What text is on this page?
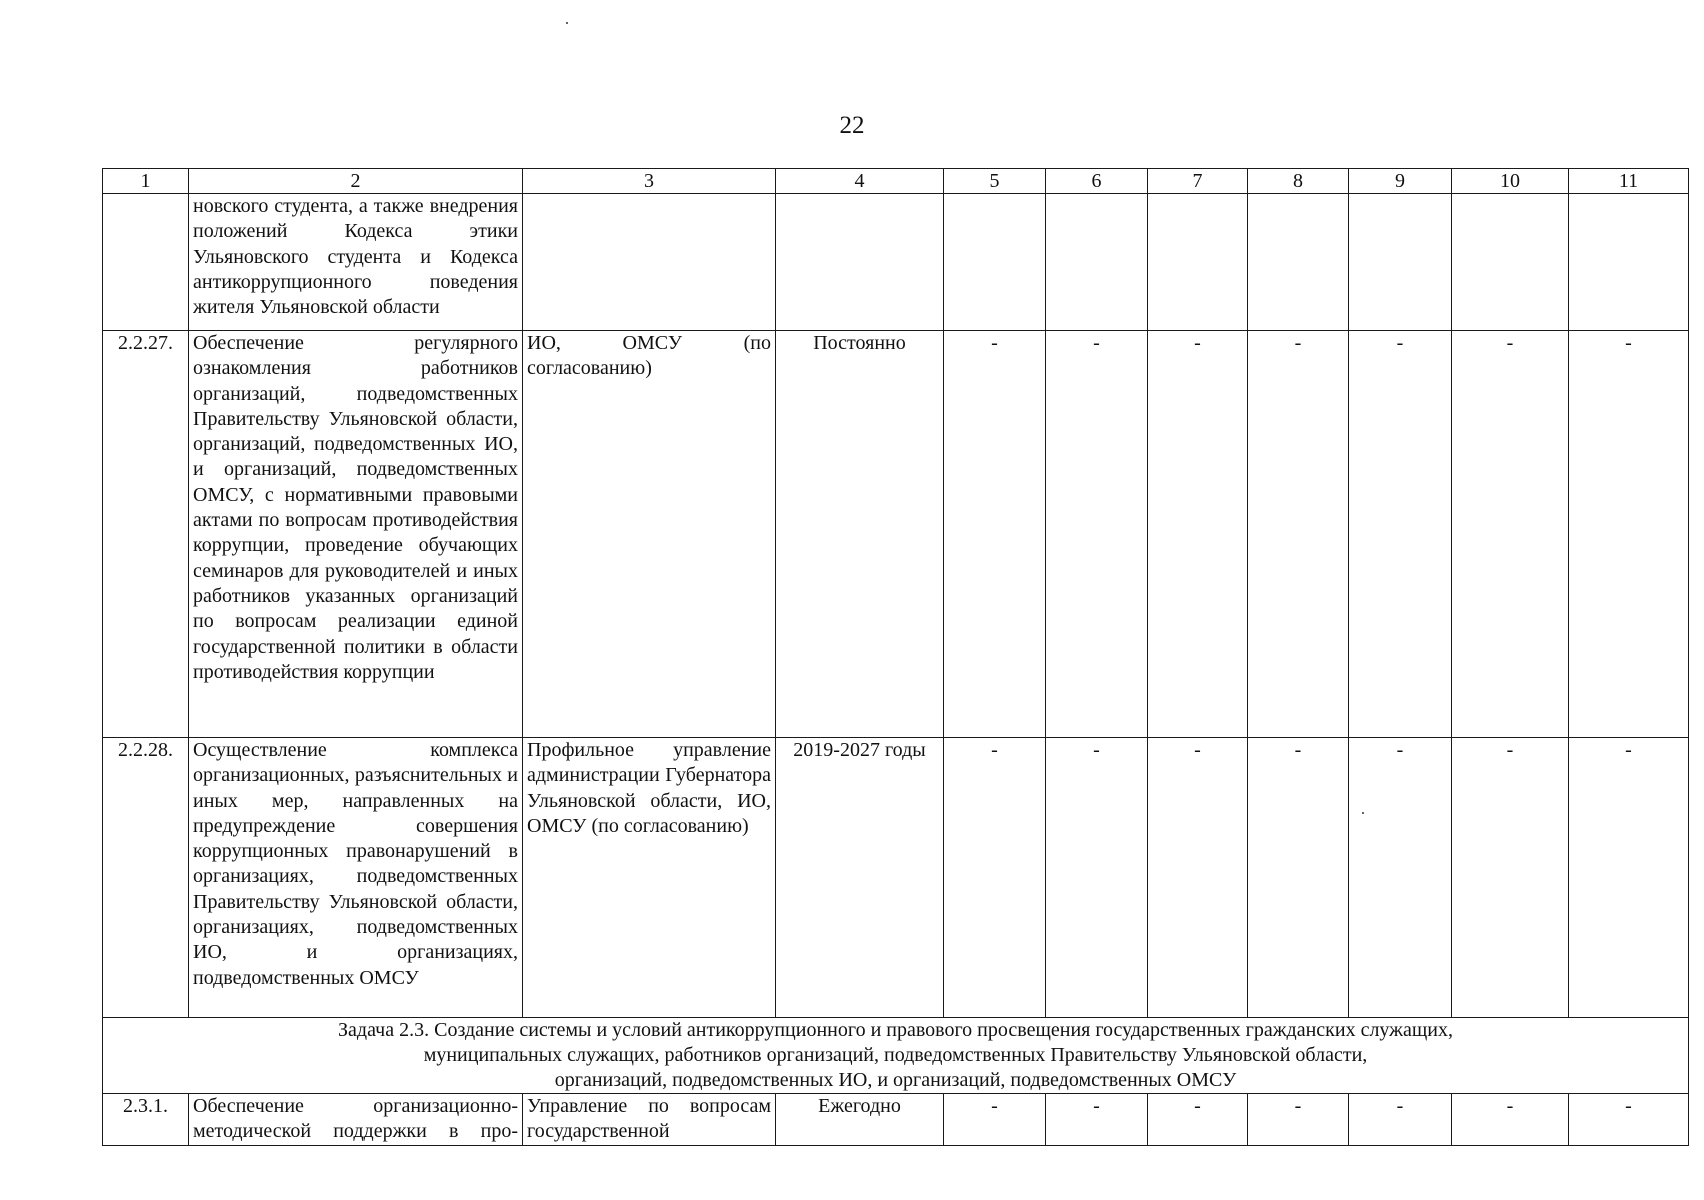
22
1	2	3	4	5	6	7	8	9	10	11
	новского студента, а также внедрения положений Кодекса этики Ульяновского студента и Кодекса антикоррупционного поведения жителя Ульяновской области									
2.2.27.	Обеспечение регулярного ознакомления работников организаций, подведомственных Правительству Ульяновской области, организаций, подведомственных ИО, и организаций, подведомственных ОМСУ, с нормативными правовыми актами по вопросам противодействия коррупции, проведение обучающих семинаров для руководителей и иных работников указанных организаций по вопросам реализации единой государственной политики в области противодействия коррупции	ИО, ОМСУ (по согласованию)	Постоянно	-	-	-	-	-	-	-
2.2.28.	Осуществление комплекса организационных, разъяснительных и иных мер, направленных на предупреждение совершения коррупционных правонарушений в организациях, подведомственных Правительству Ульяновской области, организациях, подведомственных ИО, и организациях, подведомственных ОМСУ	Профильное управление администрации Губернатора Ульяновской области, ИО, ОМСУ (по согласованию)	2019-2027 годы	-	-	-	-	-	-	-

Задача 2.3. Создание системы и условий антикоррупционного и правового просвещения государственных гражданских служащих,
муниципальных служащих, работников организаций, подведомственных Правительству Ульяновской области,
организаций, подведомственных ИО, и организаций, подведомственных ОМСУ										

2.3.1.	Обеспечение организационно-методической поддержки в про-	Управление по вопросам государственной	Ежегодно	-	-	-	-	-	-	-
